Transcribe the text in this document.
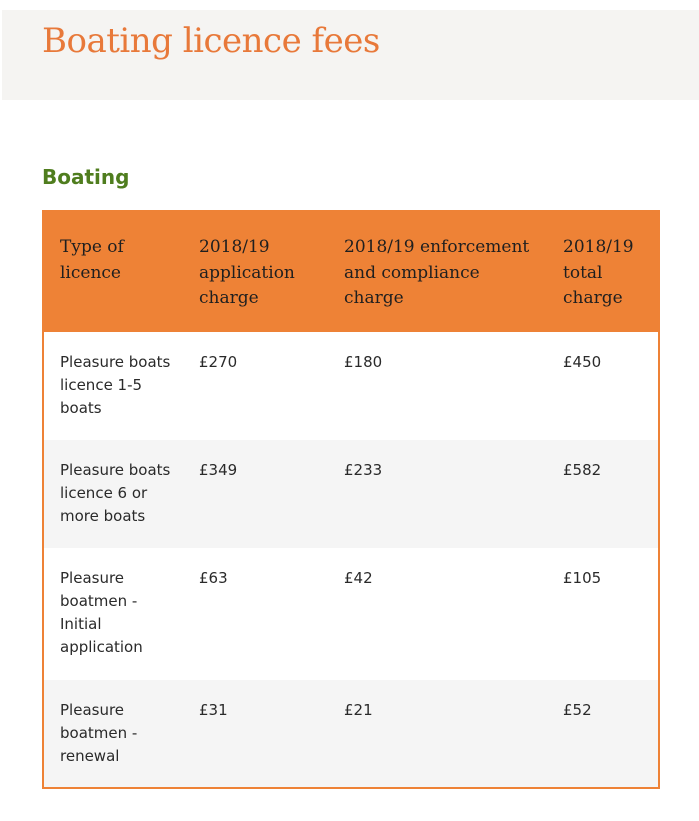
Boating licence fees
Boating
Type of licence	2018/19 application charge	2018/19 enforcement and compliance charge	2018/19 total charge
Pleasure boats licence 1-5 boats	£270	£180	£450
Pleasure boats licence 6 or more boats	£349	£233	£582
Pleasure boatmen - Initial application	£63	£42	£105
Pleasure boatmen - renewal	£31	£21	£52
